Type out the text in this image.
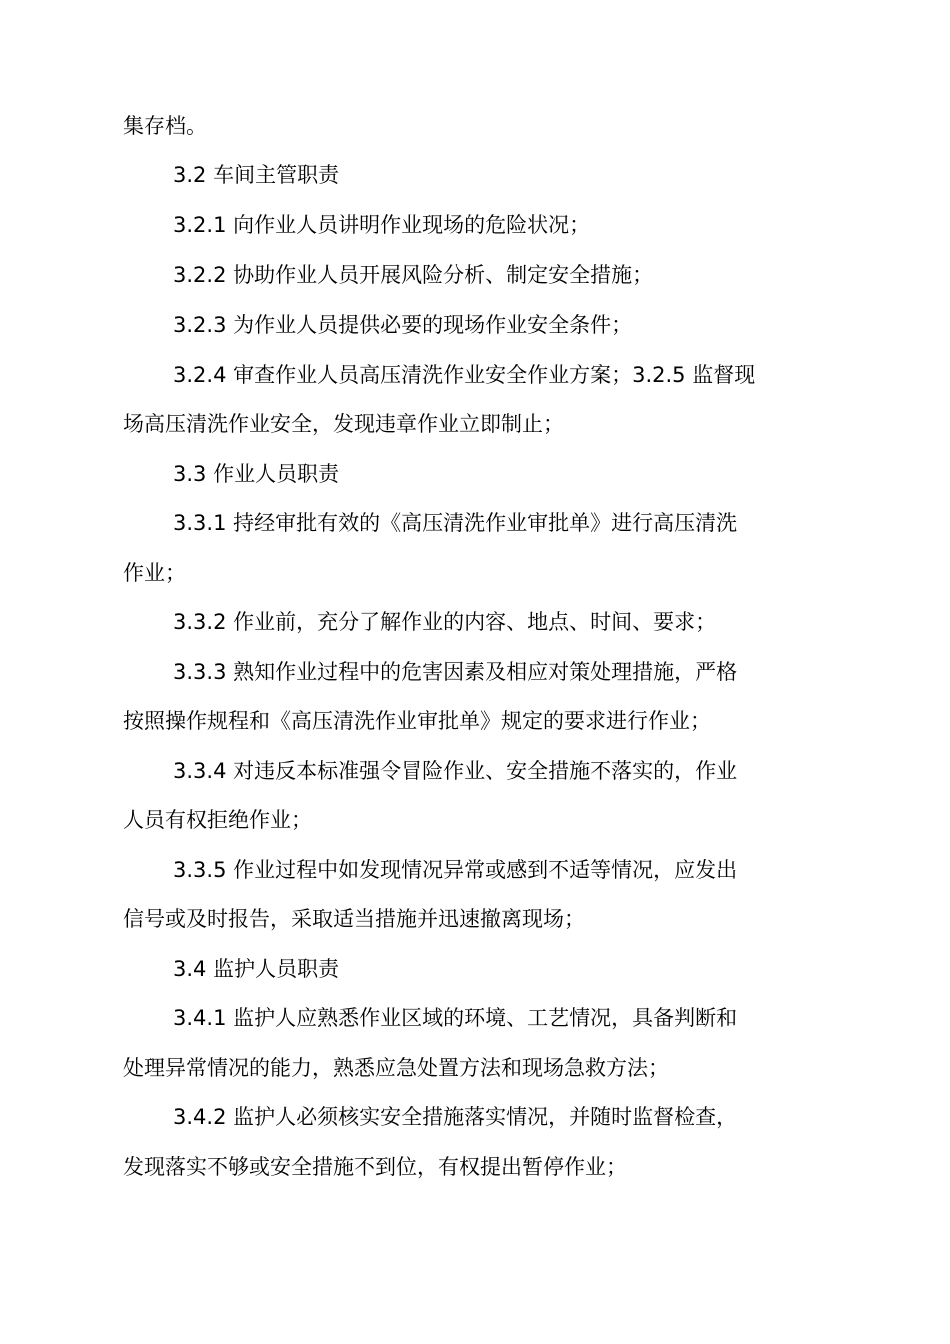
集存档。
3.2 车间主管职责
3.2.1 向作业人员讲明作业现场的危险状况；
3.2.2 协助作业人员开展风险分析、制定安全措施；
3.2.3 为作业人员提供必要的现场作业安全条件；
3.2.4 审查作业人员高压清洗作业安全作业方案；3.2.5 监督现
场高压清洗作业安全，发现违章作业立即制止；
3.3 作业人员职责
3.3.1 持经审批有效的《高压清洗作业审批单》进行高压清洗
作业；
3.3.2 作业前，充分了解作业的内容、地点、时间、要求；
3.3.3 熟知作业过程中的危害因素及相应对策处理措施，严格
按照操作规程和《高压清洗作业审批单》规定的要求进行作业；
3.3.4 对违反本标准强令冒险作业、安全措施不落实的，作业
人员有权拒绝作业；
3.3.5 作业过程中如发现情况异常或感到不适等情况，应发出
信号或及时报告，采取适当措施并迅速撤离现场；
3.4 监护人员职责
3.4.1 监护人应熟悉作业区域的环境、工艺情况，具备判断和
处理异常情况的能力，熟悉应急处置方法和现场急救方法；
3.4.2 监护人必须核实安全措施落实情况，并随时监督检查，
发现落实不够或安全措施不到位，有权提出暂停作业；
